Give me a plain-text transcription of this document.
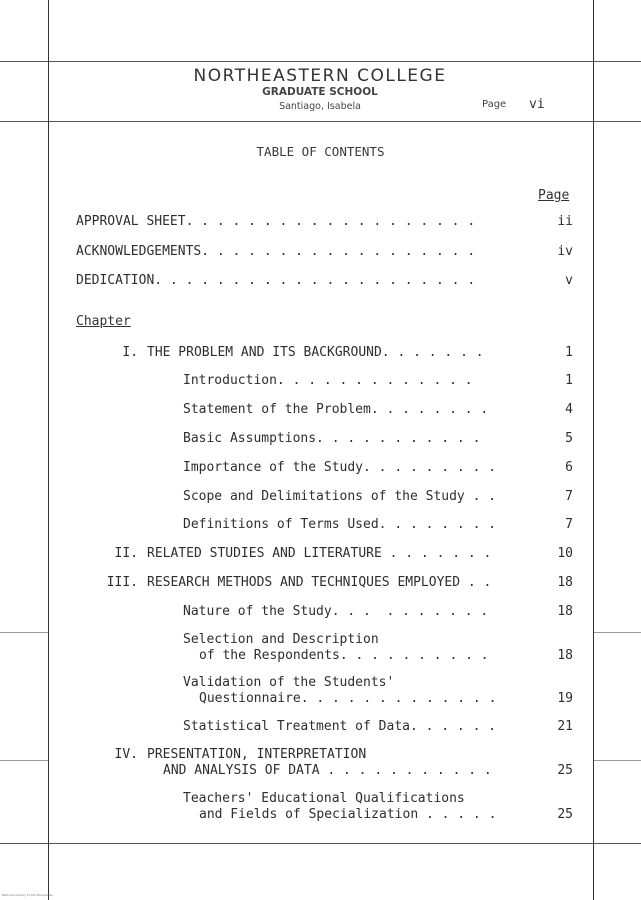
NORTHEASTERN COLLEGE
GRADUATE SCHOOL
Santiago, Isabela	Page vi
TABLE OF CONTENTS
Page
APPROVAL SHEET. . . . . . . . . . . . . . . . . . .	ii
ACKNOWLEDGEMENTS. . . . . . . . . . . . . . . . . .	iv
DEDICATION. . . . . . . . . . . . . . . . . . . . .	v
Chapter
I. THE PROBLEM AND ITS BACKGROUND. . . . . . .	1
Introduction. . . . . . . . . . . . .	1
Statement of the Problem. . . . . . . .	4
Basic Assumptions. . . . . . . . . . .	5
Importance of the Study. . . . . . . . .	6
Scope and Delimitations of the Study . .	7
Definitions of Terms Used. . . . . . . .	7
II. RELATED STUDIES AND LITERATURE . . . . . . .	10
III. RESEARCH METHODS AND TECHNIQUES EMPLOYED . .	18
Nature of the Study. . .  . . . . . . .	18
Selection and Description
of the Respondents. . . . . . . . . .	18
Validation of the Students'
Questionnaire. . . . . . . . . . . . .	19
Statistical Treatment of Data. . . . . .	21
IV. PRESENTATION, INTERPRETATION
AND ANALYSIS OF DATA . . . . . . . . . . .	25
Teachers' Educational Qualifications
and Fields of Specialization . . . . .	25
National Library of the Philippines
